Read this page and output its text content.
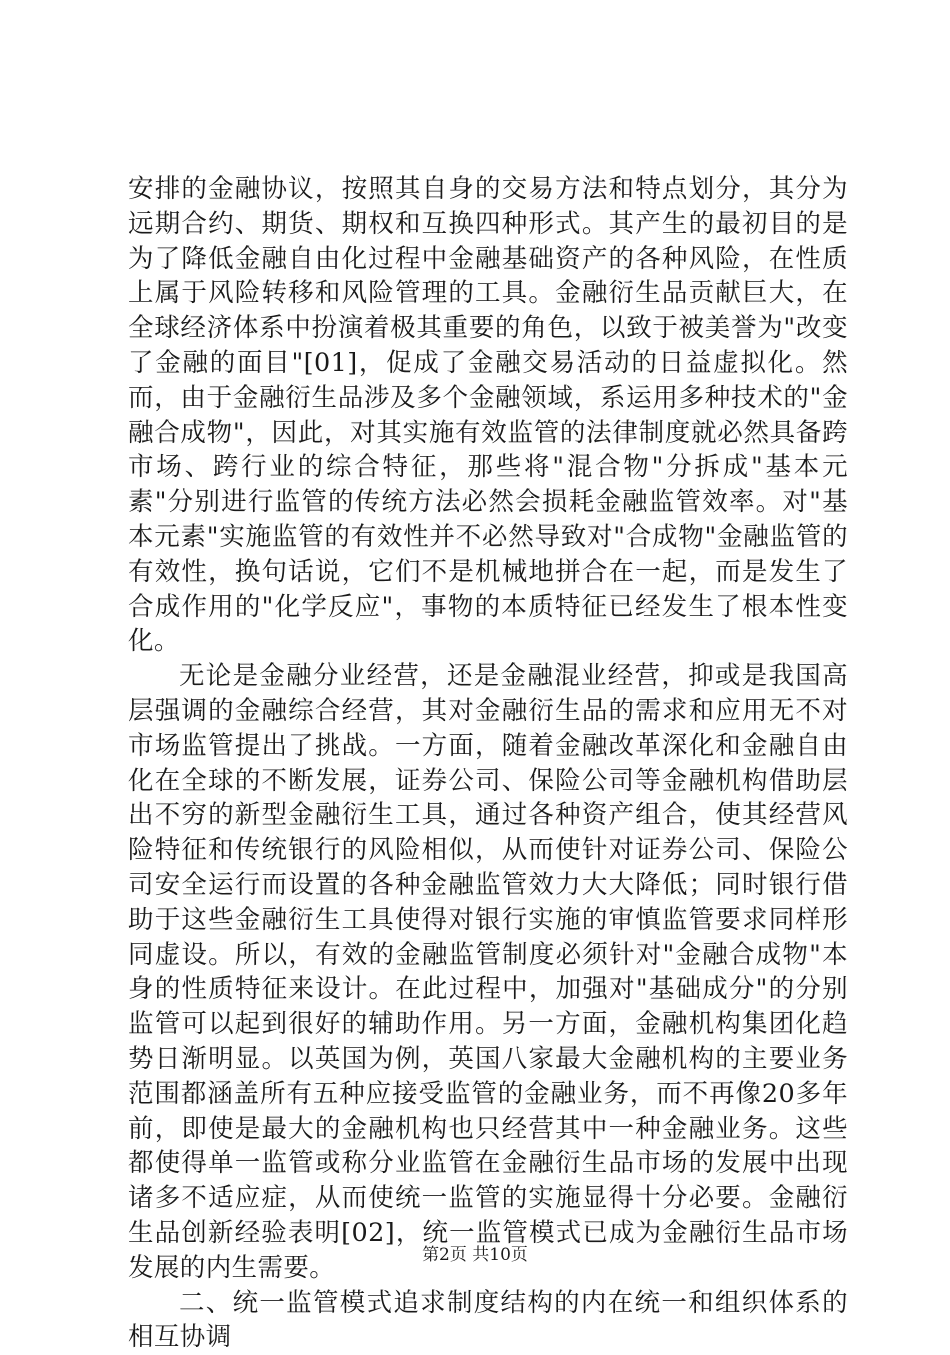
安排的金融协议，按照其自身的交易方法和特点划分，其分为远期合约、期货、期权和互换四种形式。其产生的最初目的是为了降低金融自由化过程中金融基础资产的各种风险，在性质上属于风险转移和风险管理的工具。金融衍生品贡献巨大，在全球经济体系中扮演着极其重要的角色，以致于被美誉为"改变了金融的面目"[01]，促成了金融交易活动的日益虚拟化。然而，由于金融衍生品涉及多个金融领域，系运用多种技术的"金融合成物"，因此，对其实施有效监管的法律制度就必然具备跨市场、跨行业的综合特征，那些将"混合物"分拆成"基本元素"分别进行监管的传统方法必然会损耗金融监管效率。对"基本元素"实施监管的有效性并不必然导致对"合成物"金融监管的有效性，换句话说，它们不是机械地拼合在一起，而是发生了合成作用的"化学反应"，事物的本质特征已经发生了根本性变化。

无论是金融分业经营，还是金融混业经营，抑或是我国高层强调的金融综合经营，其对金融衍生品的需求和应用无不对市场监管提出了挑战。一方面，随着金融改革深化和金融自由化在全球的不断发展，证券公司、保险公司等金融机构借助层出不穷的新型金融衍生工具，通过各种资产组合，使其经营风险特征和传统银行的风险相似，从而使针对证券公司、保险公司安全运行而设置的各种金融监管效力大大降低；同时银行借助于这些金融衍生工具使得对银行实施的审慎监管要求同样形同虚设。所以，有效的金融监管制度必须针对"金融合成物"本身的性质特征来设计。在此过程中，加强对"基础成分"的分别监管可以起到很好的辅助作用。另一方面，金融机构集团化趋势日渐明显。以英国为例，英国八家最大金融机构的主要业务范围都涵盖所有五种应接受监管的金融业务，而不再像20多年前，即使是最大的金融机构也只经营其中一种金融业务。这些都使得单一监管或称分业监管在金融衍生品市场的发展中出现诸多不适应症，从而使统一监管的实施显得十分必要。金融衍生品创新经验表明[02]，统一监管模式已成为金融衍生品市场发展的内生需要。

二、统一监管模式追求制度结构的内在统一和组织体系的相互协调

第2页 共10页
